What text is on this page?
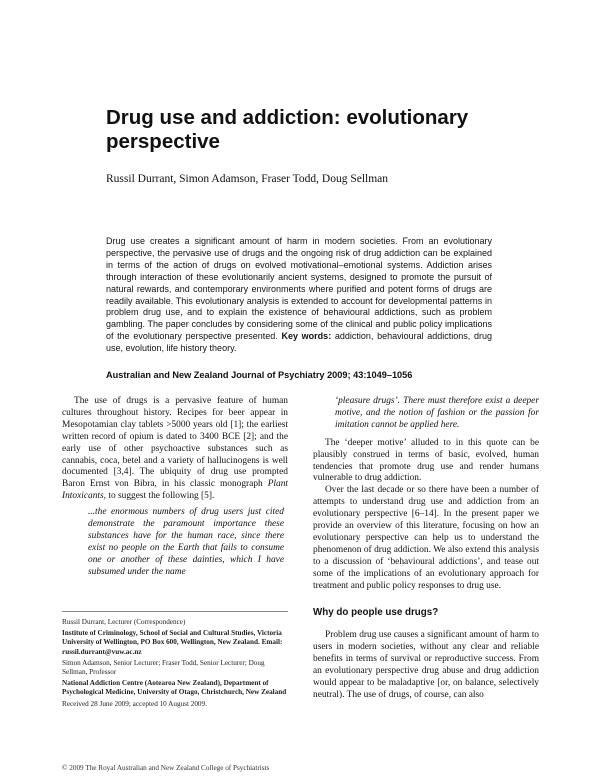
Drug use and addiction: evolutionary perspective
Russil Durrant, Simon Adamson, Fraser Todd, Doug Sellman
Drug use creates a significant amount of harm in modern societies. From an evolutionary perspective, the pervasive use of drugs and the ongoing risk of drug addiction can be explained in terms of the action of drugs on evolved motivational–emotional systems. Addiction arises through interaction of these evolutionarily ancient systems, designed to promote the pursuit of natural rewards, and contemporary environments where purified and potent forms of drugs are readily available. This evolutionary analysis is extended to account for developmental patterns in problem drug use, and to explain the existence of behavioural addictions, such as problem gambling. The paper concludes by considering some of the clinical and public policy implications of the evolutionary perspective presented. Key words: addiction, behavioural addictions, drug use, evolution, life history theory.
Australian and New Zealand Journal of Psychiatry 2009; 43:1049–1056

The use of drugs is a pervasive feature of human cultures throughout history. Recipes for beer appear in Mesopotamian clay tablets >5000 years old [1]; the earliest written record of opium is dated to 3400 BCE [2]; and the early use of other psychoactive substances such as cannabis, coca, betel and a variety of hallucinogens is well documented [3,4]. The ubiquity of drug use prompted Baron Ernst von Bibra, in his classic monograph Plant Intoxicants, to suggest the following [5].

...the enormous numbers of drug users just cited demonstrate the paramount importance these substances have for the human race, since there exist no people on the Earth that fails to consume one or another of these dainties, which I have subsumed under the name

‘pleasure drugs’. There must therefore exist a deeper motive, and the notion of fashion or the passion for imitation cannot be applied here.

The ‘deeper motive’ alluded to in this quote can be plausibly construed in terms of basic, evolved, human tendencies that promote drug use and render humans vulnerable to drug addiction.

Over the last decade or so there have been a number of attempts to understand drug use and addiction from an evolutionary perspective [6–14]. In the present paper we provide an overview of this literature, focusing on how an evolutionary perspective can help us to understand the phenomenon of drug addiction. We also extend this analysis to a discussion of ‘behavioural addictions’, and tease out some of the implications of an evolutionary approach for treatment and public policy responses to drug use.

Why do people use drugs?

Problem drug use causes a significant amount of harm to users in modern societies, without any clear and reliable benefits in terms of survival or reproductive success. From an evolutionary perspective drug abuse and drug addiction would appear to be maladaptive [or, on balance, selectively neutral). The use of drugs, of course, can also

Russil Durrant, Lecturer (Correspondence)

Institute of Criminology, School of Social and Cultural Studies, Victoria University of Wellington, PO Box 600, Wellington, New Zealand. Email: russil.durrant@vuw.ac.nz

Simon Adamson, Senior Lecturer; Fraser Todd, Senior Lecturer; Doug Sellman, Professor

National Addiction Centre (Aotearoa New Zealand), Department of Psychological Medicine, University of Otago, Christchurch, New Zealand

Received 28 June 2009; accepted 10 August 2009.

© 2009 The Royal Australian and New Zealand College of Psychiatrists
